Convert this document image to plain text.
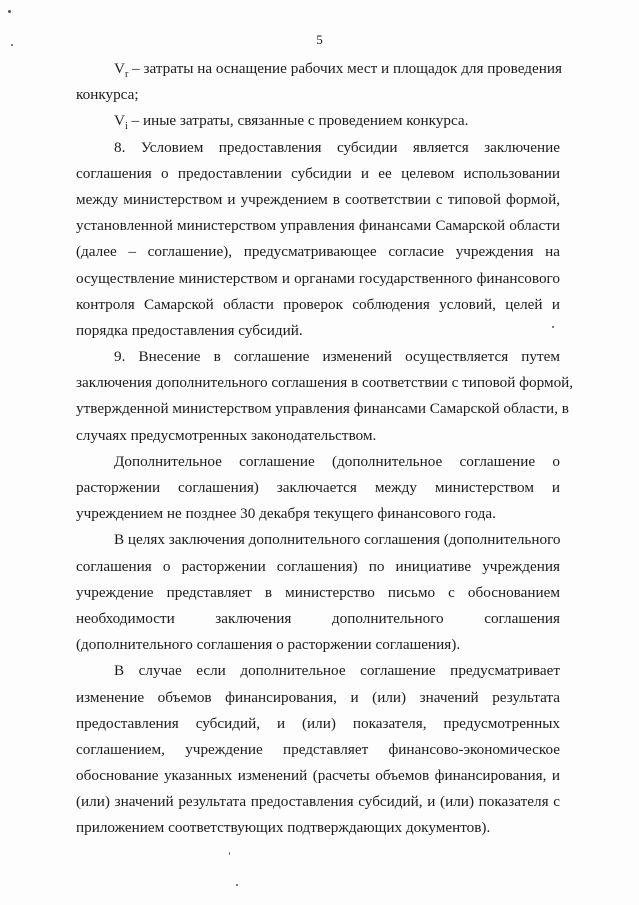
5
$V_r$ – затраты на оснащение рабочих мест и площадок для проведения
конкурса;
$V_i$ – иные затраты, связанные с проведением конкурса.
8. Условием предоставления субсидии является заключение
соглашения о предоставлении субсидии и ее целевом использовании
между министерством и учреждением в соответствии с типовой формой,
установленной министерством управления финансами Самарской области
(далее – соглашение), предусматривающее согласие учреждения на
осуществление министерством и органами государственного финансового
контроля Самарской области проверок соблюдения условий, целей и
порядка предоставления субсидий.
9. Внесение в соглашение изменений осуществляется путем
заключения дополнительного соглашения в соответствии с типовой формой,
утвержденной министерством управления финансами Самарской области, в
случаях предусмотренных законодательством.
Дополнительное соглашение (дополнительное соглашение о
расторжении соглашения) заключается между министерством и
учреждением не позднее 30 декабря текущего финансового года.
В целях заключения дополнительного соглашения (дополнительного
соглашения о расторжении соглашения) по инициативе учреждения
учреждение представляет в министерство письмо с обоснованием
необходимости заключения дополнительного соглашения
(дополнительного соглашения о расторжении соглашения).
В случае если дополнительное соглашение предусматривает
изменение объемов финансирования, и (или) значений результата
предоставления субсидий, и (или) показателя, предусмотренных
соглашением, учреждение представляет финансово-экономическое
обоснование указанных изменений (расчеты объемов финансирования, и
(или) значений результата предоставления субсидий, и (или) показателя с
приложением соответствующих подтверждающих документов).
